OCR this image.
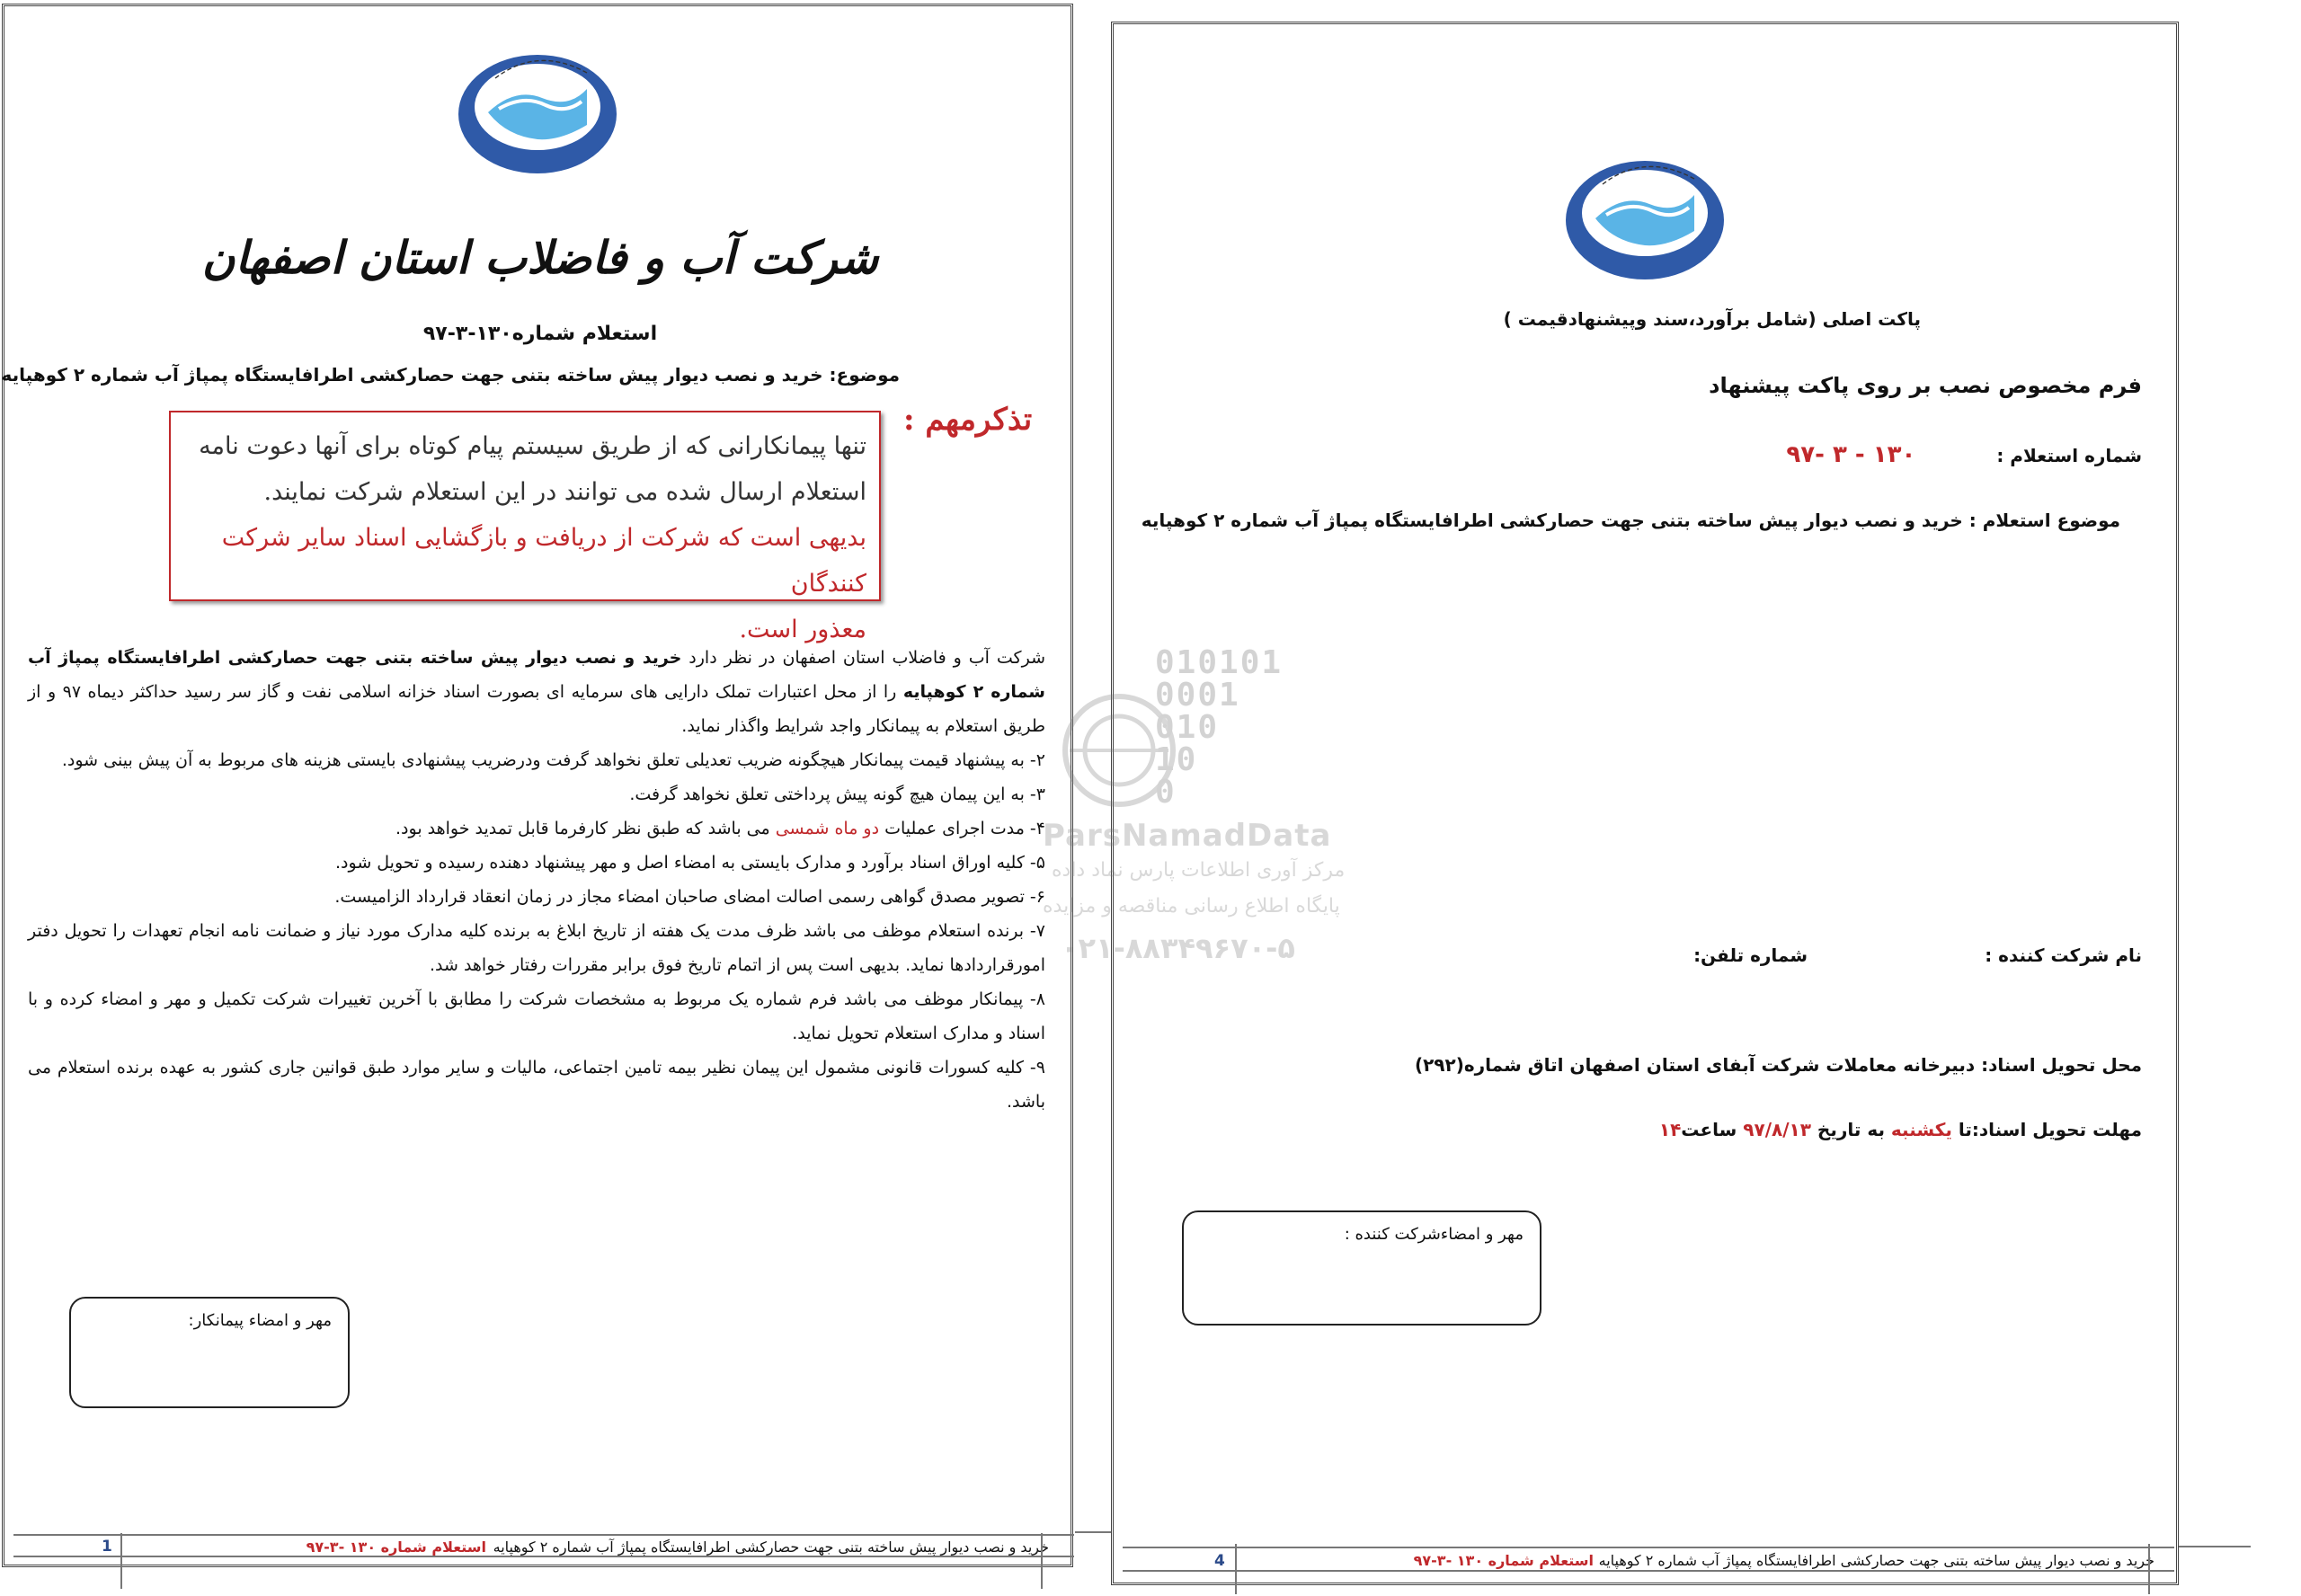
شرکت آب و فاضلاب استان اصفهان
استعلام شماره۱۳۰-۳-۹۷
موضوع: خرید و نصب دیوار پیش ساخته بتنی جهت حصارکشی اطرافایستگاه پمپاژ آب شماره ۲ کوهپایه
تذکرمهم :
تنها پیمانکارانی که از طریق سیستم پیام کوتاه برای آنها دعوت نامه
استعلام ارسال شده می توانند در این استعلام شرکت نمایند.
بدیهی است که شرکت از دریافت و بازگشایی اسناد سایر شرکت کنندگان
معذور است.

شرکت آب و فاضلاب استان اصفهان در نظر دارد خرید و نصب دیوار پیش ساخته بتنی جهت حصارکشی اطرافایستگاه پمپاژ آب شماره ۲ کوهپایه را از محل اعتبارات تملک دارایی های سرمایه ای بصورت اسناد خزانه اسلامی نفت و گاز سر رسید حداکثر دیماه ۹۷ و از طریق استعلام به پیمانکار واجد شرایط واگذار نماید.

۲- به پیشنهاد قیمت پیمانکار هیچگونه ضریب تعدیلی تعلق نخواهد گرفت ودرضریب پیشنهادی بایستی هزینه های مربوط به آن پیش بینی شود.

۳- به این پیمان هیچ گونه پیش پرداختی تعلق نخواهد گرفت.

۴- مدت اجرای عملیات دو ماه شمسی می باشد که طبق نظر کارفرما قابل تمدید خواهد بود.

۵- کلیه اوراق اسناد برآورد و مدارک بایستی به امضاء اصل و مهر پیشنهاد دهنده رسیده و تحویل شود.

۶- تصویر مصدق گواهی رسمی اصالت امضای صاحبان امضاء مجاز در زمان انعقاد قرارداد الزامیست.

۷- برنده استعلام موظف می باشد ظرف مدت یک هفته از تاریخ ابلاغ به برنده کلیه مدارک مورد نیاز و ضمانت نامه انجام تعهدات را تحویل دفتر امورقراردادها نماید. بدیهی است پس از اتمام تاریخ فوق برابر مقررات رفتار خواهد شد.

۸- پیمانکار موظف می باشد فرم شماره یک مربوط به مشخصات شرکت را مطابق با آخرین تغییرات شرکت تکمیل و مهر و امضاء کرده و با اسناد و مدارک استعلام تحویل نماید.

۹- کلیه کسورات قانونی مشمول این پیمان نظیر بیمه تامین اجتماعی، مالیات و سایر موارد طبق قوانین جاری کشور به عهده برنده استعلام می باشد.

مهر و امضاء پیمانکار:
1	خرید و نصب دیوار پیش ساخته بتنی جهت حصارکشی اطرافایستگاه پمپاژ آب شماره ۲ کوهپایه
استعلام شماره ۱۳۰ -۳-۹۷
پاکت اصلی (شامل برآورد،سند وپیشنهادقیمت )
فرم مخصوص نصب بر روی پاکت پیشنهاد
شماره استعلام :۱۳۰ - ۳ -۹۷
موضوع استعلام : خرید و نصب دیوار پیش ساخته بتنی جهت حصارکشی اطرافایستگاه پمپاژ آب شماره ۲ کوهپایه
نام شرکت کننده :
شماره تلفن:
محل تحویل اسناد: دبیرخانه معاملات شرکت آبفای استان اصفهان اتاق شماره(۲۹۲)
مهلت تحویل اسناد:تا یکشنبه به تاریخ ۹۷/۸/۱۳ ساعت۱۴
مهر و امضاءشرکت کننده :
4	خرید و نصب دیوار پیش ساخته بتنی جهت حصارکشی اطرافایستگاه پمپاژ آب شماره ۲ کوهپایه
استعلام شماره ۱۳۰ -۳-۹۷
010101
0001
010
10
0
ParsNamadData
مرکز آوری اطلاعات پارس نماد داده
پایگاه اطلاع رسانی مناقصه و مزایده
۰۲۱-۸۸۳۴۹۶۷۰-۵
